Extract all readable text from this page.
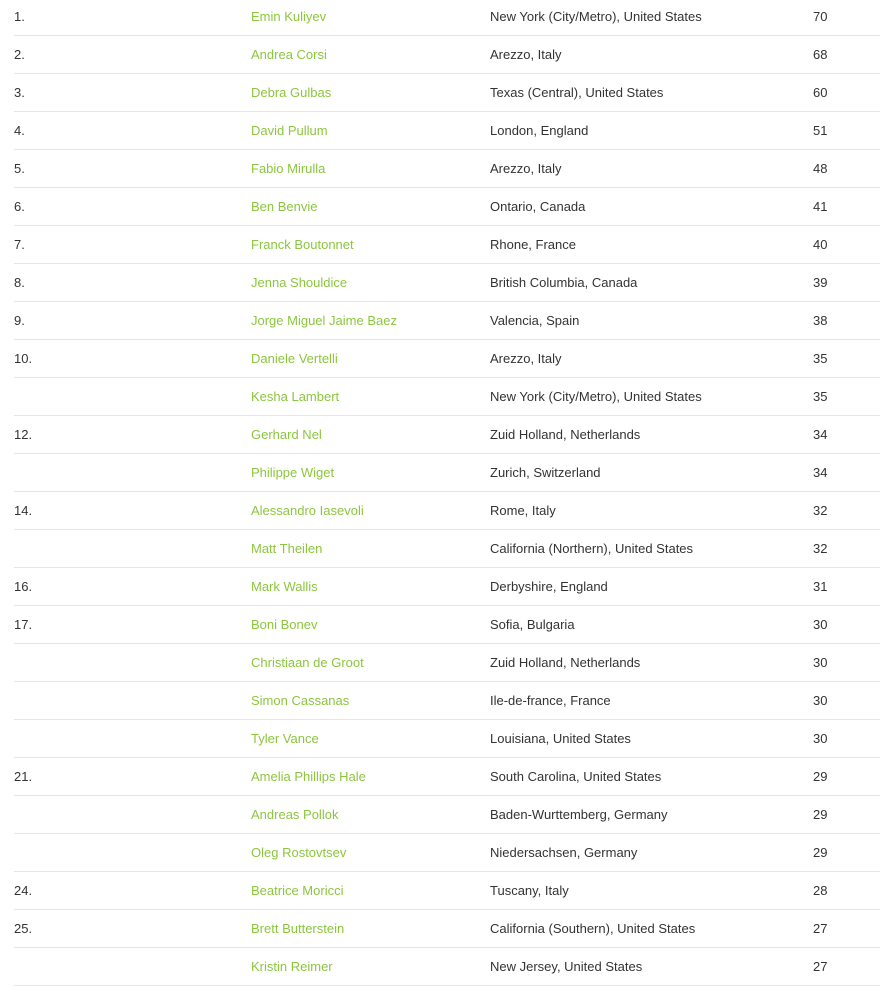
1.	Emin Kuliyev	New York (City/Metro), United States	70
2.	Andrea Corsi	Arezzo, Italy	68
3.	Debra Gulbas	Texas (Central), United States	60
4.	David Pullum	London, England	51
5.	Fabio Mirulla	Arezzo, Italy	48
6.	Ben Benvie	Ontario, Canada	41
7.	Franck Boutonnet	Rhone, France	40
8.	Jenna Shouldice	British Columbia, Canada	39
9.	Jorge Miguel Jaime Baez	Valencia, Spain	38
10.	Daniele Vertelli	Arezzo, Italy	35
Kesha Lambert	New York (City/Metro), United States	35
12.	Gerhard Nel	Zuid Holland, Netherlands	34
Philippe Wiget	Zurich, Switzerland	34
14.	Alessandro Iasevoli	Rome, Italy	32
Matt Theilen	California (Northern), United States	32
16.	Mark Wallis	Derbyshire, England	31
17.	Boni Bonev	Sofia, Bulgaria	30
Christiaan de Groot	Zuid Holland, Netherlands	30
Simon Cassanas	Ile-de-france, France	30
Tyler Vance	Louisiana, United States	30
21.	Amelia Phillips Hale	South Carolina, United States	29
Andreas Pollok	Baden-Wurttemberg, Germany	29
Oleg Rostovtsev	Niedersachsen, Germany	29
24.	Beatrice Moricci	Tuscany, Italy	28
25.	Brett Butterstein	California (Southern), United States	27
Kristin Reimer	New Jersey, United States	27
